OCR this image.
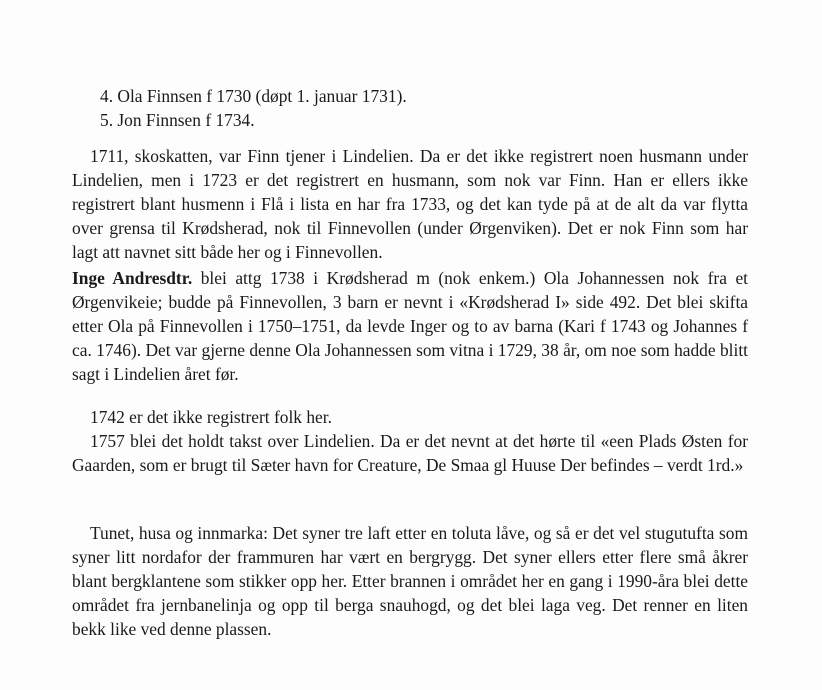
4. Ola Finnsen f 1730 (døpt 1. januar 1731).
5. Jon Finnsen f 1734.
1711, skoskatten, var Finn tjener i Lindelien. Da er det ikke registrert noen husmann under Lindelien, men i 1723 er det registrert en husmann, som nok var Finn. Han er ellers ikke registrert blant husmenn i Flå i lista en har fra 1733, og det kan tyde på at de alt da var flytta over grensa til Krødsherad, nok til Finnevollen (under Ørgenviken). Det er nok Finn som har lagt att navnet sitt både her og i Finnevollen.
Inge Andresdtr. blei attg 1738 i Krødsherad m (nok enkem.) Ola Johannessen nok fra et Ørgenvikeie; budde på Finnevollen, 3 barn er nevnt i «Krødsherad I» side 492. Det blei skifta etter Ola på Finnevollen i 1750–1751, da levde Inger og to av barna (Kari f 1743 og Johannes f ca. 1746). Det var gjerne denne Ola Johannessen som vitna i 1729, 38 år, om noe som hadde blitt sagt i Lindelien året før.
1742 er det ikke registrert folk her.
1757 blei det holdt takst over Lindelien. Da er det nevnt at det hørte til «een Plads Østen for Gaarden, som er brugt til Sæter havn for Creature, De Smaa gl Huuse Der befindes – verdt 1rd.»
Tunet, husa og innmarka: Det syner tre laft etter en toluta låve, og så er det vel stugutufta som syner litt nordafor der frammuren har vært en bergrygg. Det syner ellers etter flere små åkrer blant bergklantene som stikker opp her. Etter brannen i området her en gang i 1990-åra blei dette området fra jernbanelinja og opp til berga snauhogd, og det blei laga veg. Det renner en liten bekk like ved denne plassen.
